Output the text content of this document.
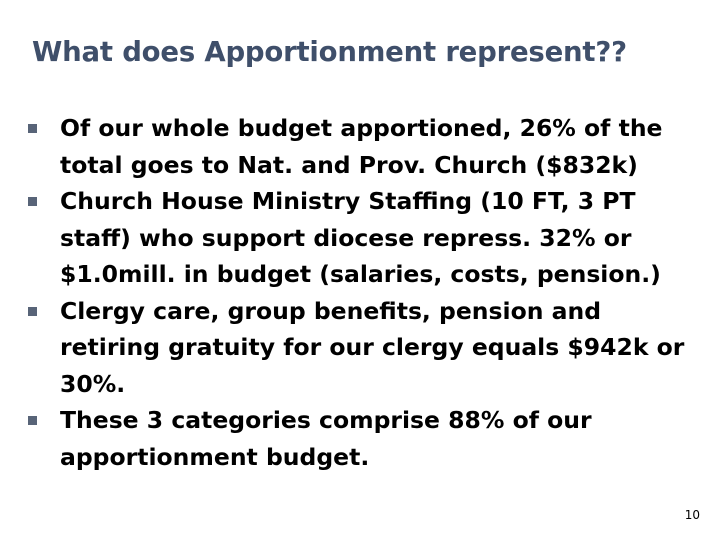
What does Apportionment represent??
Of our whole budget apportioned, 26% of the total goes to Nat. and Prov. Church ($832k)
Church House Ministry Staffing (10 FT, 3 PT staff) who support diocese repress. 32% or $1.0mill. in budget (salaries, costs, pension.)
Clergy care, group benefits, pension and retiring gratuity for our clergy equals $942k or 30%.
These 3 categories comprise 88% of our apportionment budget.
10
